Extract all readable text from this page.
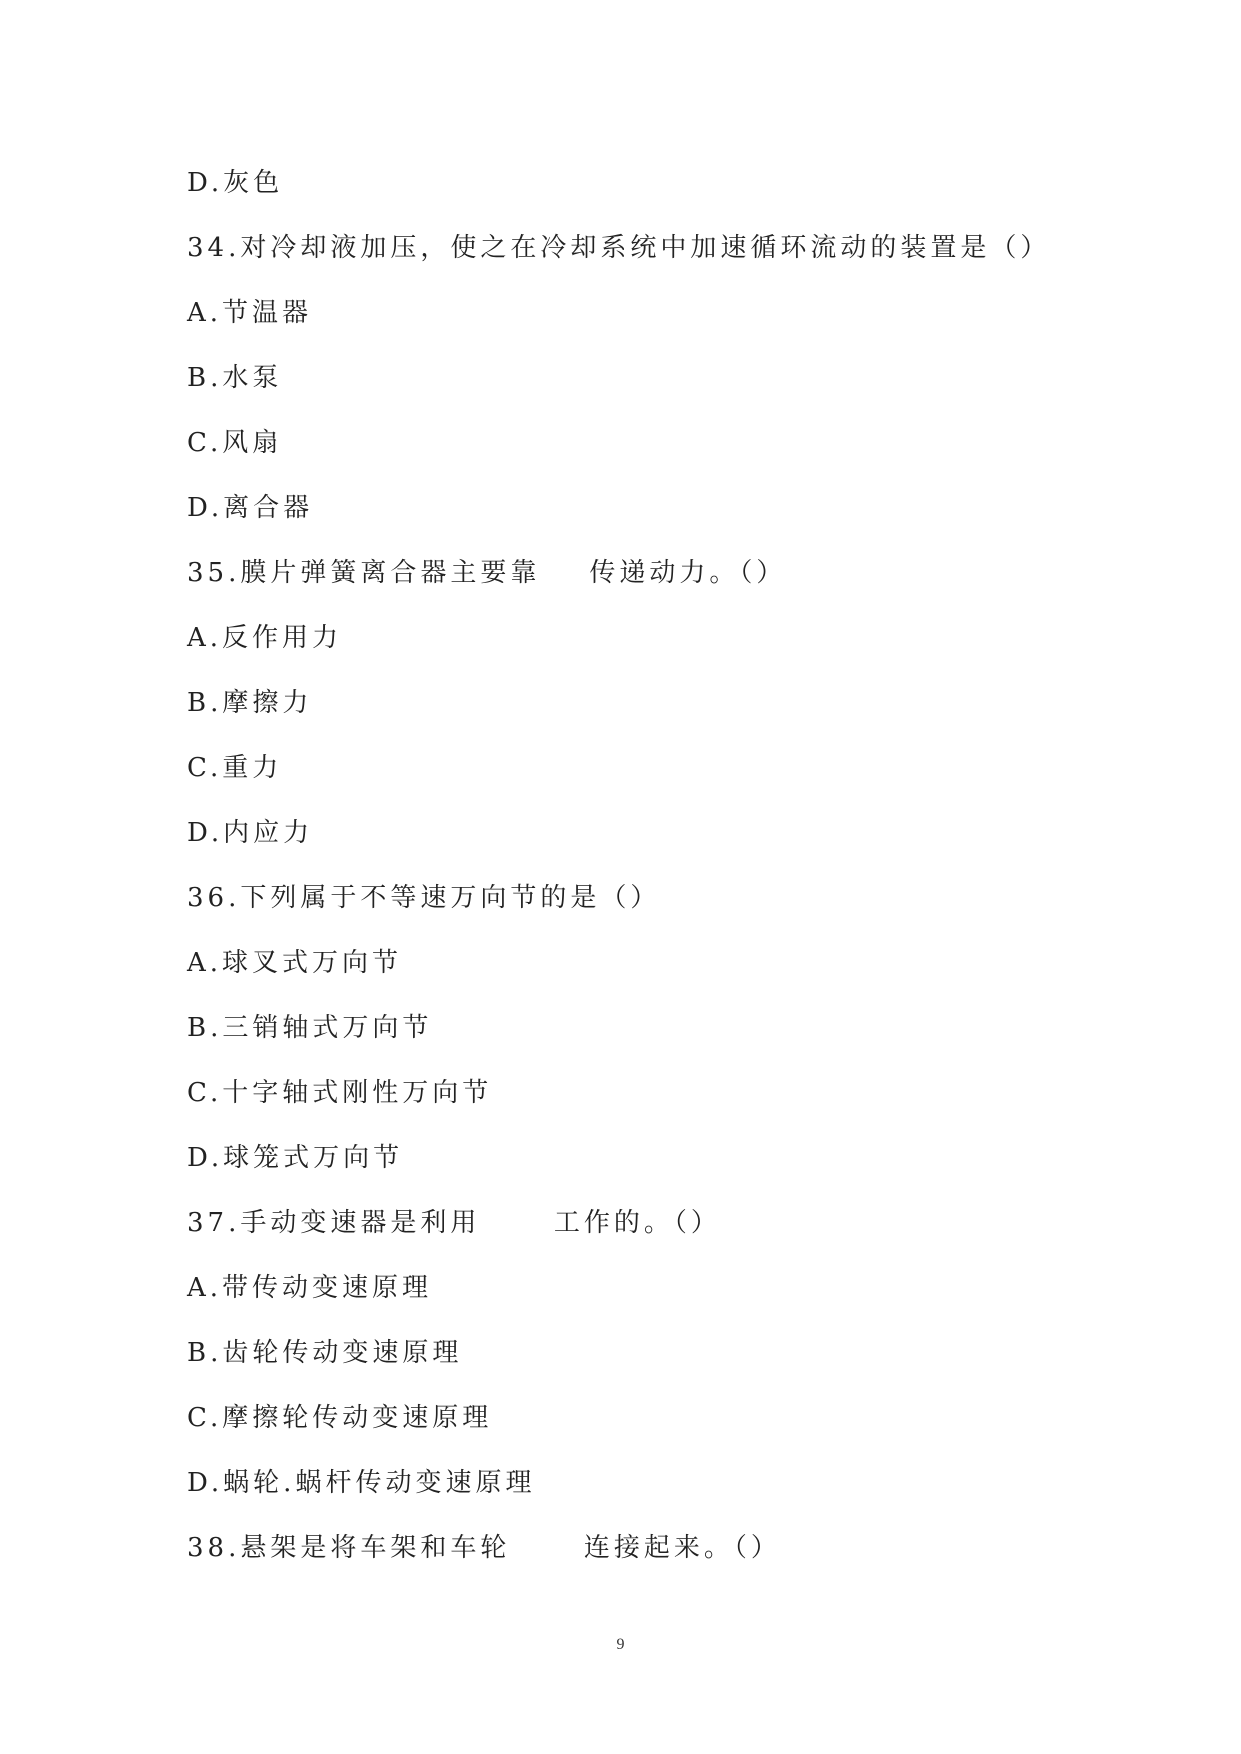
D.灰色
34.对冷却液加压，使之在冷却系统中加速循环流动的装置是（）
A.节温器
B.水泵
C.风扇
D.离合器
35.膜片弹簧离合器主要靠    传递动力。（）
A.反作用力
B.摩擦力
C.重力
D.内应力
36.下列属于不等速万向节的是（）
A.球叉式万向节
B.三销轴式万向节
C.十字轴式刚性万向节
D.球笼式万向节
37.手动变速器是利用      工作的。（）
A.带传动变速原理
B.齿轮传动变速原理
C.摩擦轮传动变速原理
D.蜗轮.蜗杆传动变速原理
38.悬架是将车架和车轮      连接起来。（）
9
